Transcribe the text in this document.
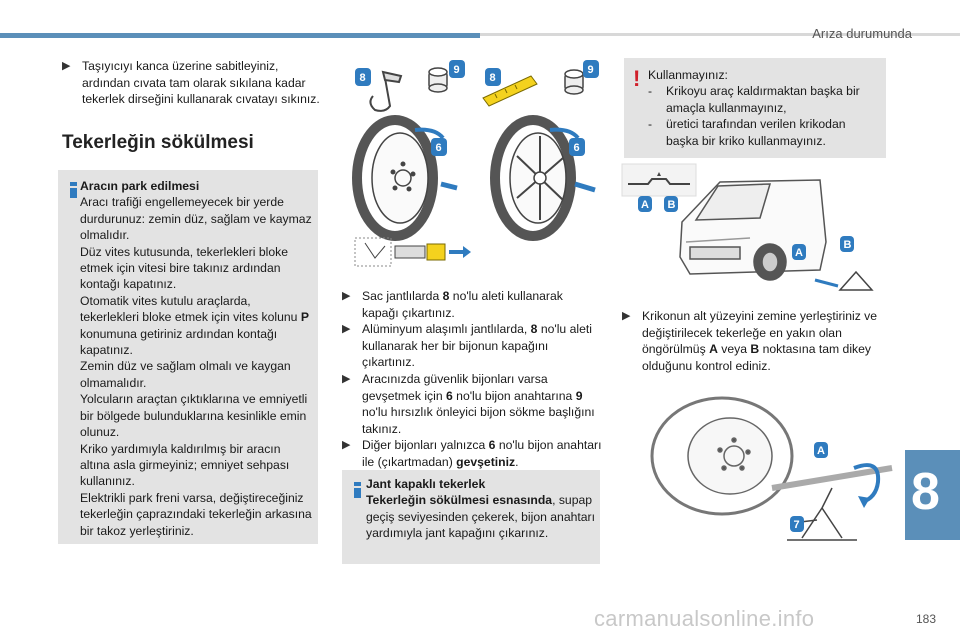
Arıza durumunda
▶︎ Taşıyıcıyı kanca üzerine sabitleyiniz, ardından cıvata tam olarak sıkılana kadar tekerlek dirseğini kullanarak cıvatayı sıkınız.
Tekerleğin sökülmesi
Aracın park edilmesi
Aracı trafiği engellemeyecek bir yerde durdurunuz: zemin düz, sağlam ve kaymaz olmalıdır.
Düz vites kutusunda, tekerlekleri bloke etmek için vitesi bire takınız ardından kontağı kapatınız.
Otomatik vites kutulu araçlarda, tekerlekleri bloke etmek için vites kolunu P konumuna getiriniz ardından kontağı kapatınız.
Zemin düz ve sağlam olmalı ve kaygan olmamalıdır.
Yolcuların araçtan çıktıklarına ve emniyetli bir bölgede bulunduklarına kesinlikle emin olunuz.
Kriko yardımıyla kaldırılmış bir aracın altına asla girmeyiniz; emniyet sehpası kullanınız.
Elektrikli park freni varsa, değiştireceğiniz tekerleğin çaprazındaki tekerleğin arkasına bir takoz yerleştiriniz.
8
9
8
9
6	6
▶︎ Sac jantlılarda 8 no'lu aleti kullanarak kapağı çıkartınız.
▶︎ Alüminyum alaşımlı jantlılarda, 8 no'lu aleti kullanarak her bir bijonun kapağını çıkartınız.
▶︎ Aracınızda güvenlik bijonları varsa gevşetmek için 6 no'lu bijon anahtarına 9 no'lu hırsızlık önleyici bijon sökme başlığını takınız.
▶︎ Diğer bijonları yalnızca 6 no'lu bijon anahtarı ile (çıkartmadan) gevşetiniz.
Jant kapaklı tekerlek
Tekerleğin sökülmesi esnasında, supap geçiş seviyesinden çekerek, bijon anahtarı yardımıyla jant kapağını çıkarınız.
! Kullanmayınız:
- Krikoyu araç kaldırmaktan başka bir amaçla kullanmayınız,
- üretici tarafından verilen krikodan başka bir kriko kullanmayınız.
A B
A
B
▶︎ Krikonun alt yüzeyini zemine yerleştiriniz ve değiştirilecek tekerleğe en yakın olan öngörülmüş A veya B noktasına tam dikey olduğunu kontrol ediniz.
A
7
8
carmanualsonline.info	183
